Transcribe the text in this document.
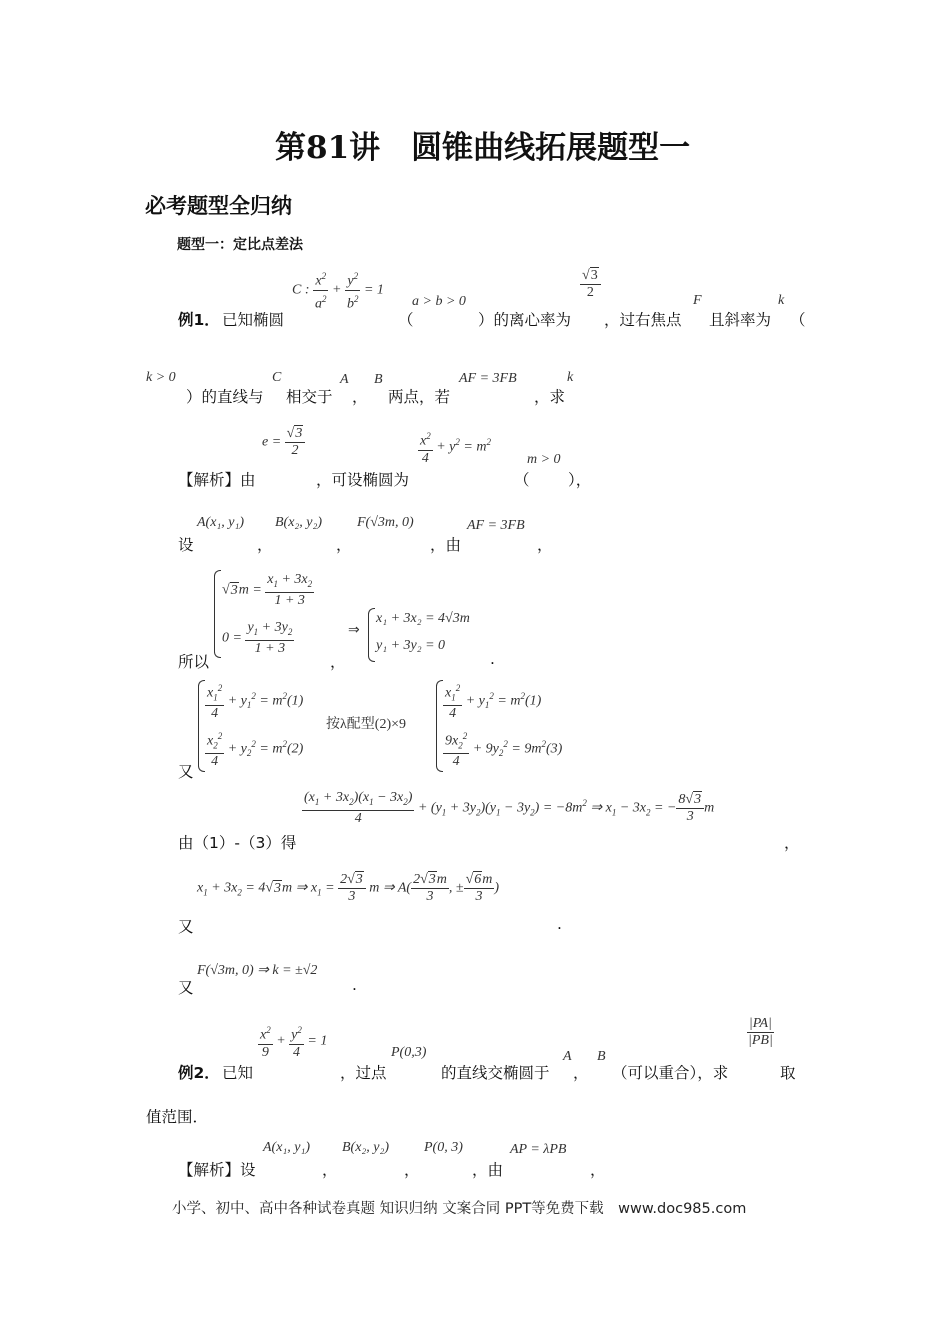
第81讲　圆锥曲线拓展题型一
必考题型全归纳
题型一：定比点差法
例1． 已知椭圆
C : $\frac{x^2}{a^2} + \frac{y^2}{b^2} = 1$
（
a > b > 0
）的离心率为
$\frac{√3}{2}$
，过右焦点
F
且斜率为
k
（
k > 0
）的直线与
C
相交于
A
，
B
两点，若
AF = 3FB
，求
k
【解析】由
$e = \frac{√3}{2}$
，可设椭圆为
$\frac{x^2}{4} + y^2 = m^2$
（
m > 0
），
设
A(x₁, y₁)
，
B(x₂, y₂)
，
F(√3m, 0)
，由
AF = 3FB
，
所以
$√3m = \frac{x_1 + 3x_2}{1 + 3}$
$0 = \frac{y_1 + 3y_2}{1 + 3}$
，
⇒
x₁ + 3x₂ = 4√3m
y₁ + 3y₂ = 0
.
又
$\frac{x_1^2}{4} + y_1^2 = m^2(1)$
$\frac{x_2^2}{4} + y_2^2 = m^2(2)$
按λ配型(2)×9
$\frac{x_1^2}{4} + y_1^2 = m^2(1)$
$\frac{9x_2^2}{4} + 9y_2^2 = 9m^2(3)$
由（1）-（3）得
$\frac{(x_1 + 3x_2)(x_1 - 3x_2)}{4} + (y_1 + 3y_2)(y_1 - 3y_2) = -8m^2$ ⇒ $x_1 - 3x_2$ = − $\frac{8√3}{3}$ m
，
又
$x_1 + 3x_2 = 4√3m$ ⇒ $x_1 = \frac{2√3}{3}$ m ⇒ $A( \frac{2√3m}{3}$ , ± $\frac{√6m}{3}$ )
.
又
F(√3m, 0) ⇒ k = ±√2
.
例2． 已知
$\frac{x^2}{9} + \frac{y^2}{4} = 1$
，过点
P(0,3)
的直线交椭圆于
A
，
B
（可以重合），求
$\frac{|PA|}{|PB|}$
取
值范围．
【解析】设
A(x₁, y₁)
，
B(x₂, y₂)
，
P(0, 3)
，由
AP = λPB
，
小学、初中、高中各种试卷真题 知识归纳 文案合同 PPT等免费下载　www.doc985.com
